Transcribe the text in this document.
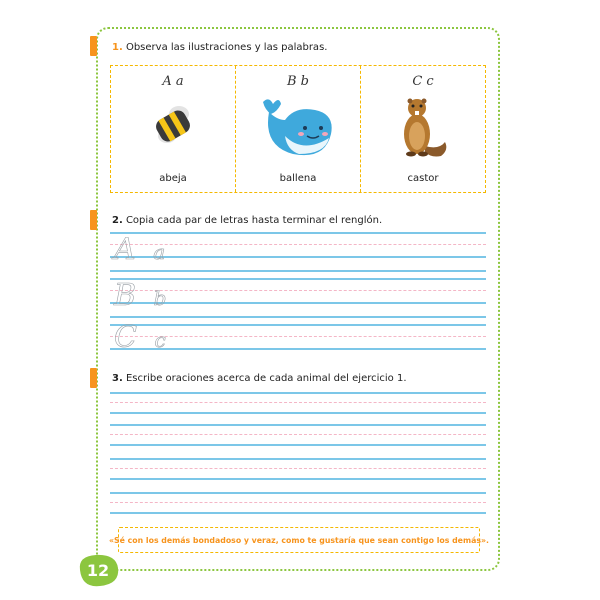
1. Observa las ilustraciones y las palabras.
A a
abeja
B b
ballena
C c
castor
2. Copia cada par de letras hasta terminar el renglón.
A a
B b
C c
3. Escribe oraciones acerca de cada animal del ejercicio 1.
«Sé con los demás bondadoso y veraz, como te gustaría que sean contigo los demás».
12
